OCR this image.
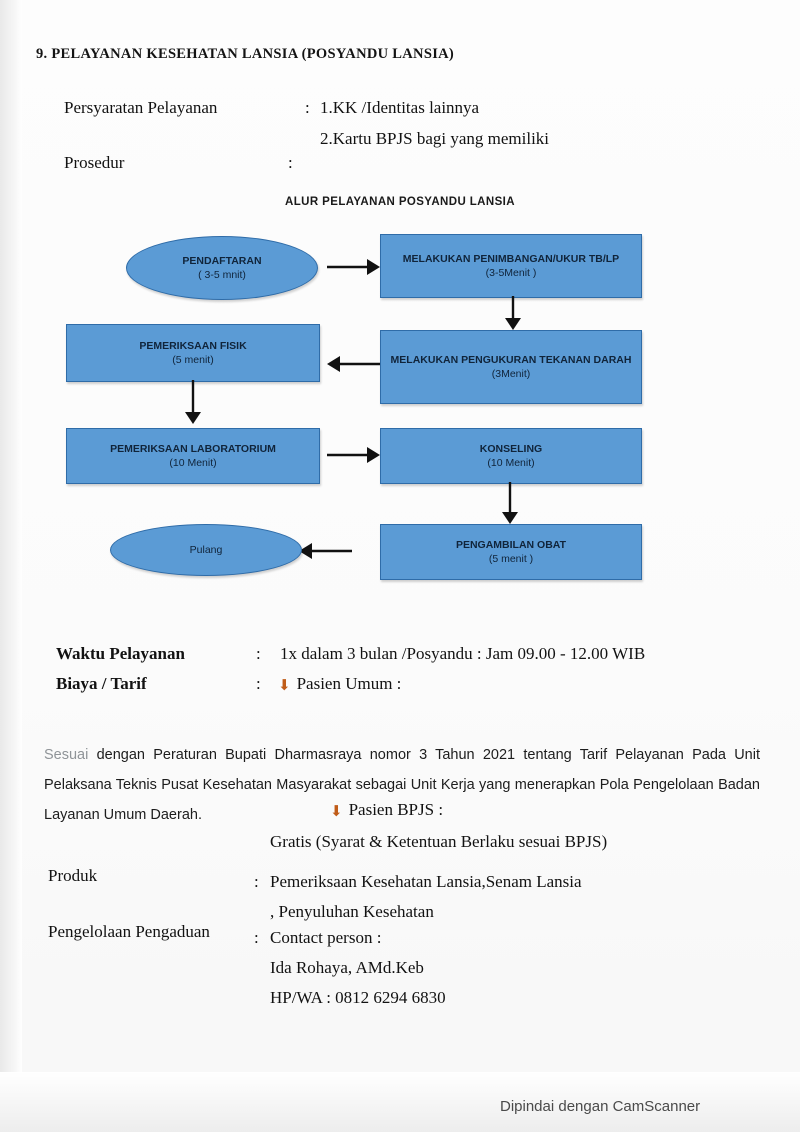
9. PELAYANAN KESEHATAN LANSIA (POSYANDU LANSIA)
Persyaratan Pelayanan	: 1.KK /Identitas lainnya
2.Kartu BPJS bagi yang memiliki
Prosedur	:
ALUR PELAYANAN POSYANDU LANSIA
PENDAFTARAN
( 3-5 mnit)
MELAKUKAN PENIMBANGAN/UKUR TB/LP
(3-5Menit )
MELAKUKAN PENGUKURAN TEKANAN DARAH
(3Menit)
PEMERIKSAAN FISIK
(5 menit)
PEMERIKSAAN LABORATORIUM
(10 Menit)
KONSELING
(10 Menit)
PENGAMBILAN OBAT
(5 menit )
Pulang
Waktu Pelayanan	: 1x dalam 3 bulan /Posyandu : Jam 09.00 - 12.00 WIB
Biaya / Tarif	: ⬇ Pasien Umum :
Sesuai dengan Peraturan Bupati Dharmasraya nomor 3 Tahun 2021 tentang Tarif Pelayanan Pada Unit Pelaksana Teknis Pusat Kesehatan Masyarakat sebagai Unit Kerja yang menerapkan Pola Pengelolaan Badan Layanan Umum Daerah.	⬇ Pasien BPJS :
Gratis (Syarat & Ketentuan Berlaku sesuai BPJS)
Produk	: Pemeriksaan Kesehatan Lansia,Senam Lansia
, Penyuluhan Kesehatan
Pengelolaan Pengaduan	: Contact person :
Ida Rohaya, AMd.Keb
HP/WA : 0812 6294 6830
Dipindai dengan CamScanner
